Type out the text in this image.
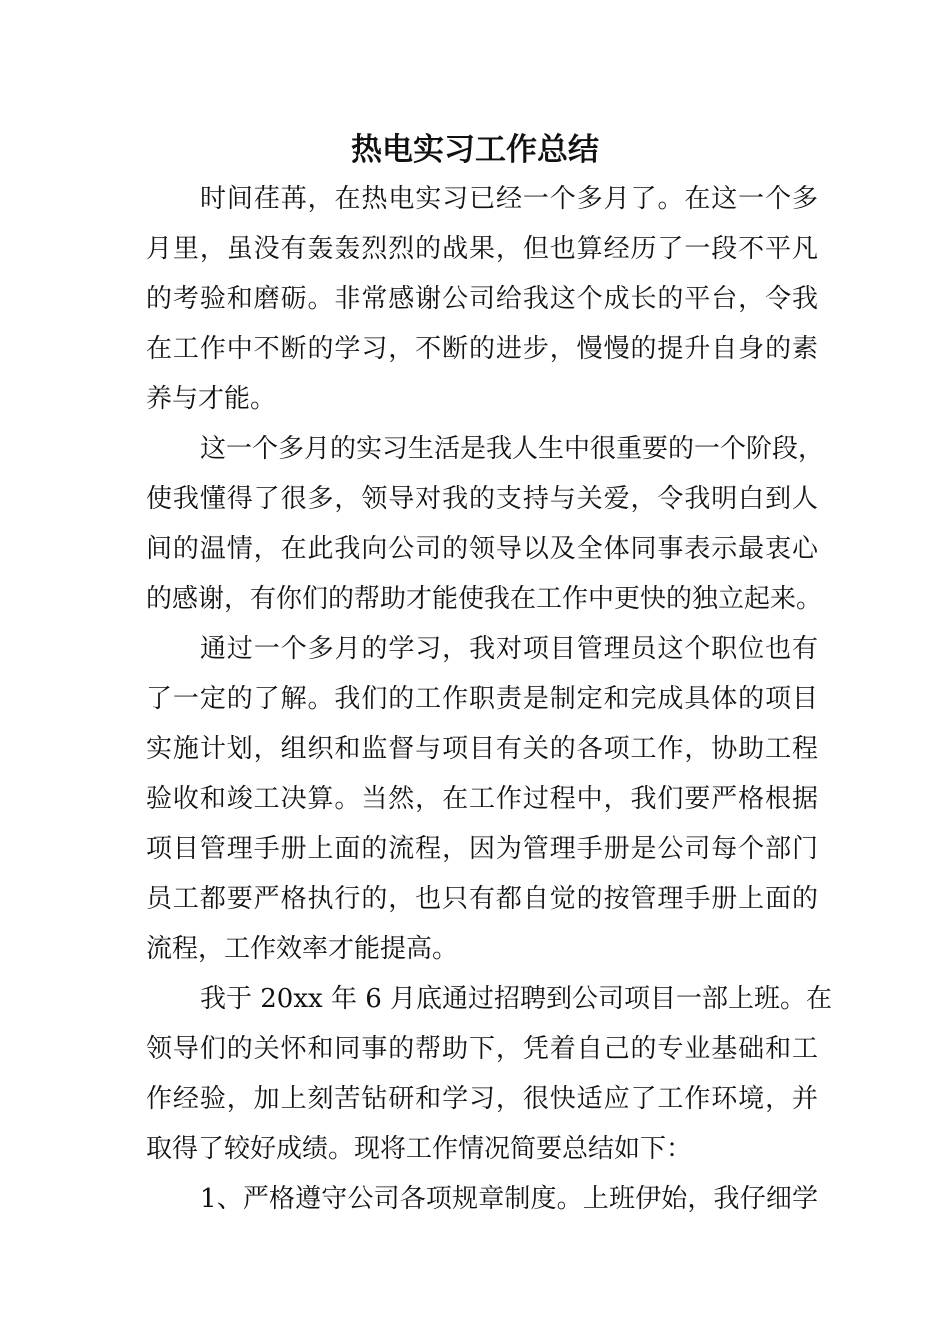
热电实习工作总结

时间荏苒，在热电实习已经一个多月了。在这一个多
月里，虽没有轰轰烈烈的战果，但也算经历了一段不平凡
的考验和磨砺。非常感谢公司给我这个成长的平台，令我
在工作中不断的学习，不断的进步，慢慢的提升自身的素
养与才能。

这一个多月的实习生活是我人生中很重要的一个阶段，
使我懂得了很多，领导对我的支持与关爱，令我明白到人
间的温情，在此我向公司的领导以及全体同事表示最衷心
的感谢，有你们的帮助才能使我在工作中更快的独立起来。

通过一个多月的学习，我对项目管理员这个职位也有
了一定的了解。我们的工作职责是制定和完成具体的项目
实施计划，组织和监督与项目有关的各项工作，协助工程
验收和竣工决算。当然，在工作过程中，我们要严格根据
项目管理手册上面的流程，因为管理手册是公司每个部门
员工都要严格执行的，也只有都自觉的按管理手册上面的
流程，工作效率才能提高。

我于 20xx 年 6 月底通过招聘到公司项目一部上班。在
领导们的关怀和同事的帮助下，凭着自己的专业基础和工
作经验，加上刻苦钻研和学习，很快适应了工作环境，并
取得了较好成绩。现将工作情况简要总结如下：

1、严格遵守公司各项规章制度。上班伊始，我仔细学
